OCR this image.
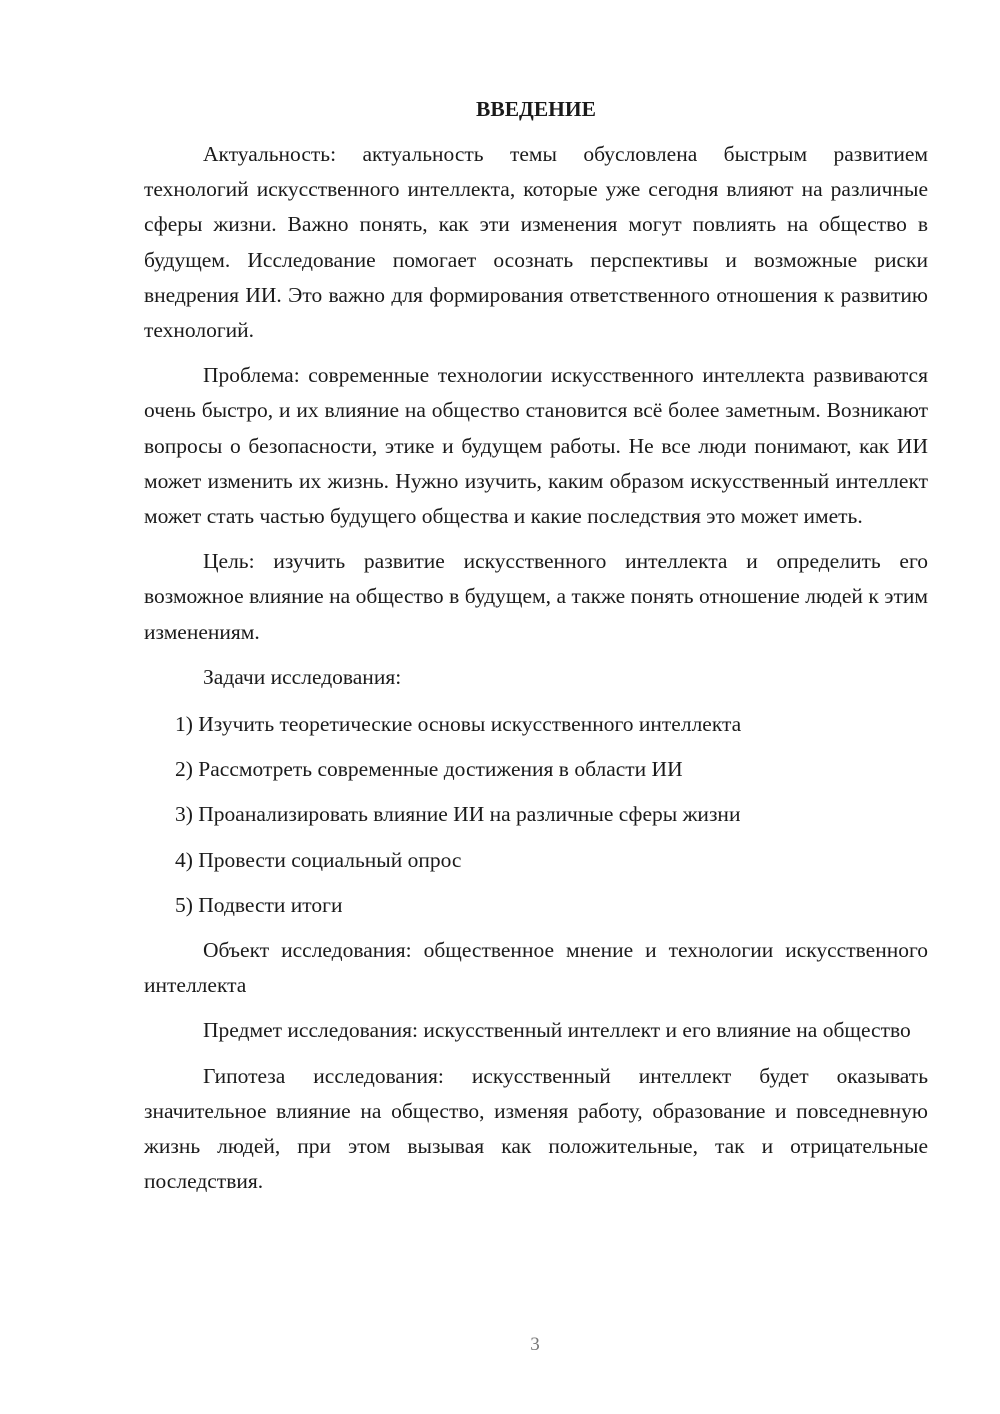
ВВЕДЕНИЕ

Актуальность: актуальность темы обусловлена быстрым развитием технологий искусственного интеллекта, которые уже сегодня влияют на различные сферы жизни. Важно понять, как эти изменения могут повлиять на общество в будущем. Исследование помогает осознать перспективы и возможные риски внедрения ИИ. Это важно для формирования ответственного отношения к развитию технологий.

Проблема: современные технологии искусственного интеллекта развиваются очень быстро, и их влияние на общество становится всё более заметным. Возникают вопросы о безопасности, этике и будущем работы. Не все люди понимают, как ИИ может изменить их жизнь. Нужно изучить, каким образом искусственный интеллект может стать частью будущего общества и какие последствия это может иметь.

Цель: изучить развитие искусственного интеллекта и определить его возможное влияние на общество в будущем, а также понять отношение людей к этим изменениям.

Задачи исследования:

1) Изучить теоретические основы искусственного интеллекта
2) Рассмотреть современные достижения в области ИИ
3) Проанализировать влияние ИИ на различные сферы жизни
4) Провести социальный опрос
5) Подвести итоги

Объект исследования: общественное мнение и технологии искусственного интеллекта

Предмет исследования: искусственный интеллект и его влияние на общество

Гипотеза исследования: искусственный интеллект будет оказывать значительное влияние на общество, изменяя работу, образование и повседневную жизнь людей, при этом вызывая как положительные, так и отрицательные последствия.

3
